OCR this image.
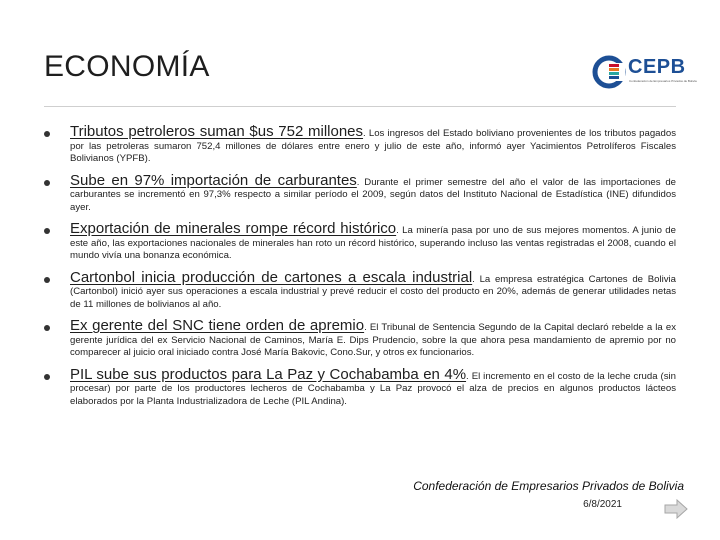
ECONOMÍA	CEPB
Confederación de Empresarios Privados de Bolivia

Tributos petroleros suman $us 752 millones. Los ingresos del Estado boliviano provenientes de los tributos pagados por las petroleras sumaron 752,4 millones de dólares entre enero y julio de este año, informó ayer Yacimientos Petrolíferos Fiscales Bolivianos (YPFB).

Sube en 97% importación de carburantes. Durante el primer semestre del año el valor de las importaciones de carburantes se incrementó en 97,3% respecto a similar período el 2009, según datos del Instituto Nacional de Estadística (INE) difundidos ayer.

Exportación de minerales rompe récord histórico. La minería pasa por uno de sus mejores momentos. A junio de este año, las exportaciones nacionales de minerales han roto un récord histórico, superando incluso las ventas registradas el 2008, cuando el mundo vivía una bonanza económica.

Cartonbol inicia producción de cartones a escala industrial. La empresa estratégica Cartones de Bolivia (Cartonbol) inició ayer sus operaciones a escala industrial y prevé reducir el costo del producto en 20%, además de generar utilidades netas de 11 millones de bolivianos al año.

Ex gerente del SNC tiene orden de apremio. El Tribunal de Sentencia Segundo de la Capital declaró rebelde a la ex gerente jurídica del ex Servicio Nacional de Caminos, María E. Dips Prudencio, sobre la que ahora pesa mandamiento de apremio por no comparecer al juicio oral iniciado contra José María Bakovic, Cono.Sur, y otros ex funcionarios.

PIL sube sus productos para La Paz y Cochabamba en 4%. El incremento en el costo de la leche cruda (sin procesar) por parte de los productores lecheros de Cochabamba y La Paz provocó el alza de precios en algunos productos lácteos elaborados por la Planta Industrializadora de Leche (PIL Andina).

Confederación de Empresarios Privados de Bolivia
6/8/2021
